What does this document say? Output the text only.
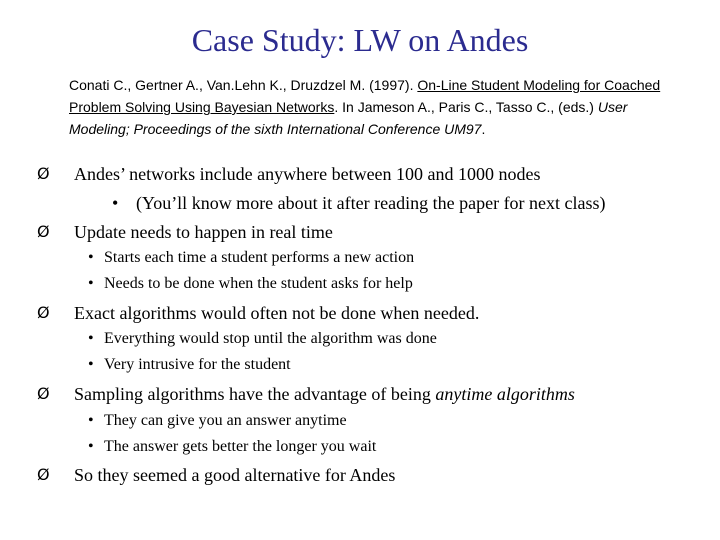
Case Study: LW on Andes
Conati C., Gertner A., Van.Lehn K., Druzdzel M. (1997). On-Line Student Modeling for Coached Problem Solving Using Bayesian Networks. In Jameson A., Paris C., Tasso C., (eds.) User Modeling; Proceedings of the sixth International Conference UM97.
Ø Andes’ networks include anywhere between 100 and 1000 nodes
• (You’ll know more about it after reading the paper for next class)
Ø Update needs to happen in real time
• Starts each time a student performs a new action
• Needs to be done when the student asks for help
Ø Exact algorithms would often not be done when needed.
• Everything would stop until the algorithm was done
• Very intrusive for the student
Ø Sampling algorithms have the advantage of being anytime algorithms
• They can give you an answer anytime
• The answer gets better the longer you wait
Ø So they seemed a good alternative for Andes
